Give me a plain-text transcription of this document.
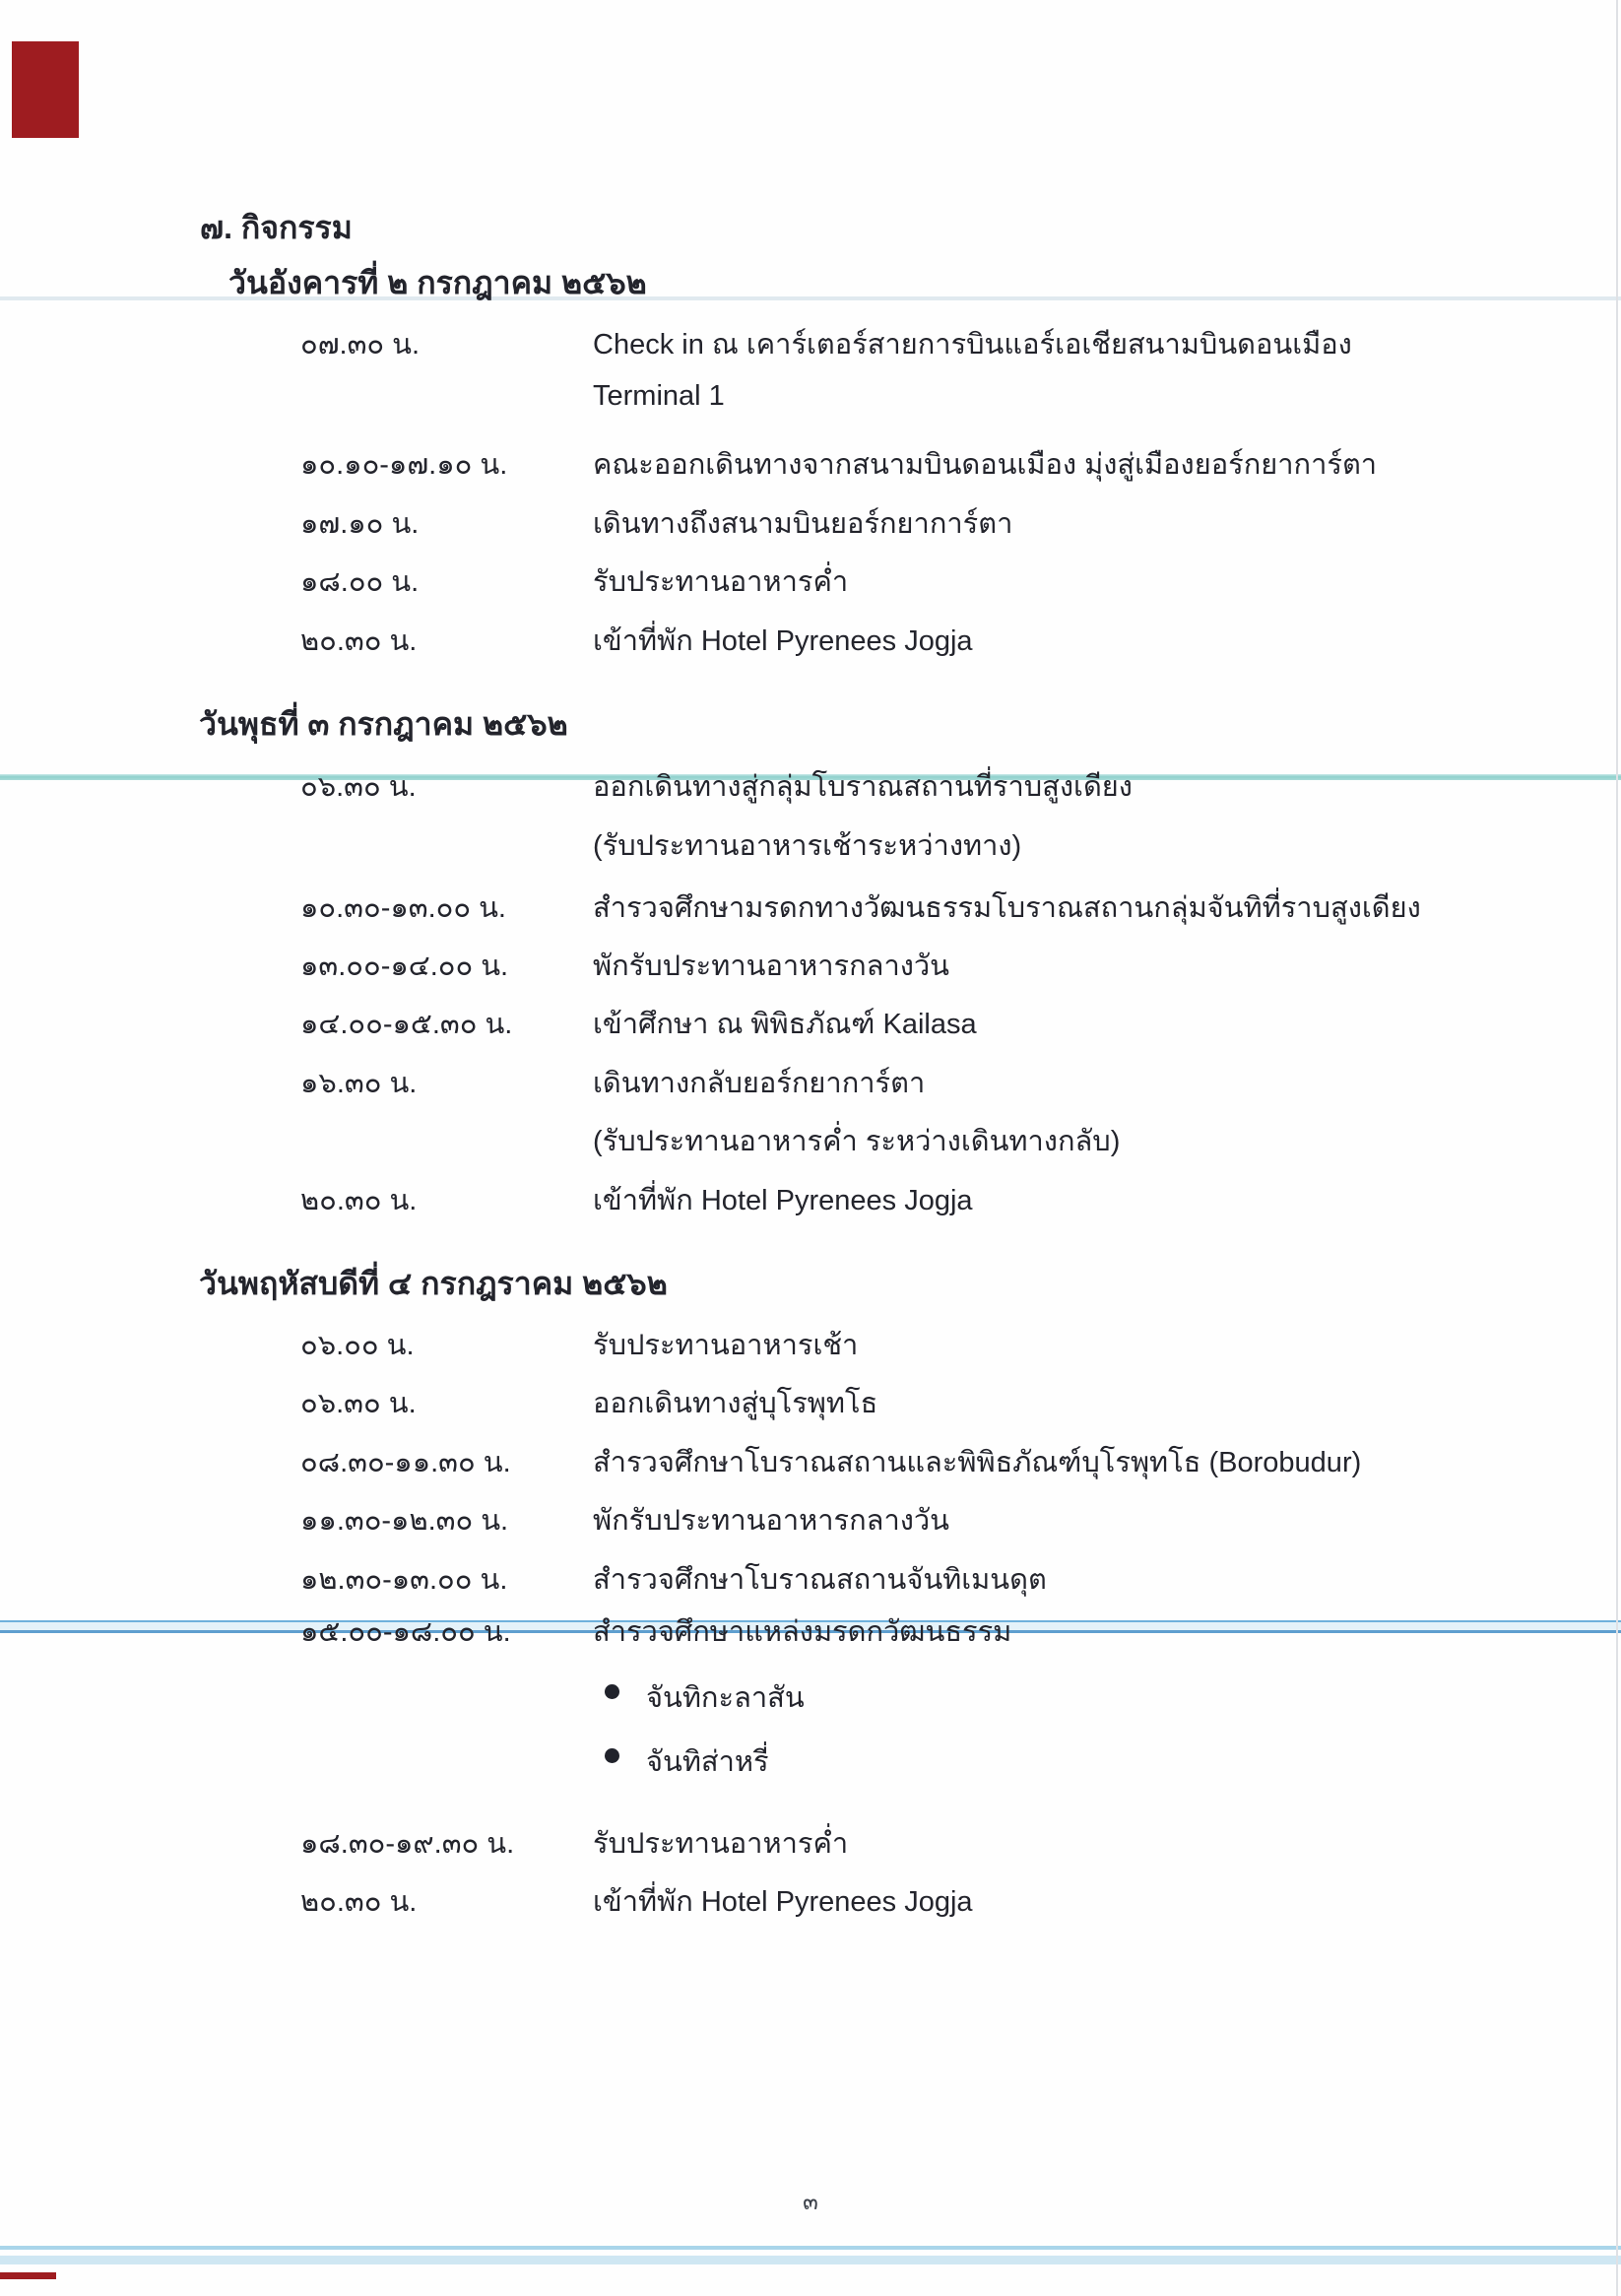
๗. กิจกรรม
วันอังคารที่ ๒ กรกฎาคม ๒๕๖๒
๐๗.๓๐ น.	Check in ณ เคาร์เตอร์สายการบินแอร์เอเชียสนามบินดอนเมือง
Terminal 1
๑๐.๑๐-๑๗.๑๐ น.	คณะออกเดินทางจากสนามบินดอนเมือง มุ่งสู่เมืองยอร์กยาการ์ตา
๑๗.๑๐ น.	เดินทางถึงสนามบินยอร์กยาการ์ตา
๑๘.๐๐ น.	รับประทานอาหารค่ำ
๒๐.๓๐ น.	เข้าที่พัก Hotel Pyrenees Jogja
วันพุธที่ ๓ กรกฎาคม ๒๕๖๒
๐๖.๓๐ น.	ออกเดินทางสู่กลุ่มโบราณสถานที่ราบสูงเดียง
(รับประทานอาหารเช้าระหว่างทาง)
๑๐.๓๐-๑๓.๐๐ น.	สำรวจศึกษามรดกทางวัฒนธรรมโบราณสถานกลุ่มจันทิที่ราบสูงเดียง
๑๓.๐๐-๑๔.๐๐ น.	พักรับประทานอาหารกลางวัน
๑๔.๐๐-๑๕.๓๐ น.	เข้าศึกษา ณ พิพิธภัณฑ์ Kailasa
๑๖.๓๐ น.	เดินทางกลับยอร์กยาการ์ตา
(รับประทานอาหารค่ำ ระหว่างเดินทางกลับ)
๒๐.๓๐ น.	เข้าที่พัก Hotel Pyrenees Jogja
วันพฤหัสบดีที่ ๔ กรกฎราคม ๒๕๖๒
๐๖.๐๐ น.	รับประทานอาหารเช้า
๐๖.๓๐ น.	ออกเดินทางสู่บุโรพุทโธ
๐๘.๓๐-๑๑.๓๐ น.	สำรวจศึกษาโบราณสถานและพิพิธภัณฑ์บุโรพุทโธ (Borobudur)
๑๑.๓๐-๑๒.๓๐ น.	พักรับประทานอาหารกลางวัน
๑๒.๓๐-๑๓.๐๐ น.	สำรวจศึกษาโบราณสถานจันทิเมนดุต
๑๕.๐๐-๑๘.๐๐ น.	สำรวจศึกษาแหล่งมรดกวัฒนธรรม
จันทิกะลาสัน
จันทิส่าหรี่
๑๘.๓๐-๑๙.๓๐ น.	รับประทานอาหารค่ำ
๒๐.๓๐ น.	เข้าที่พัก Hotel Pyrenees Jogja
๓
